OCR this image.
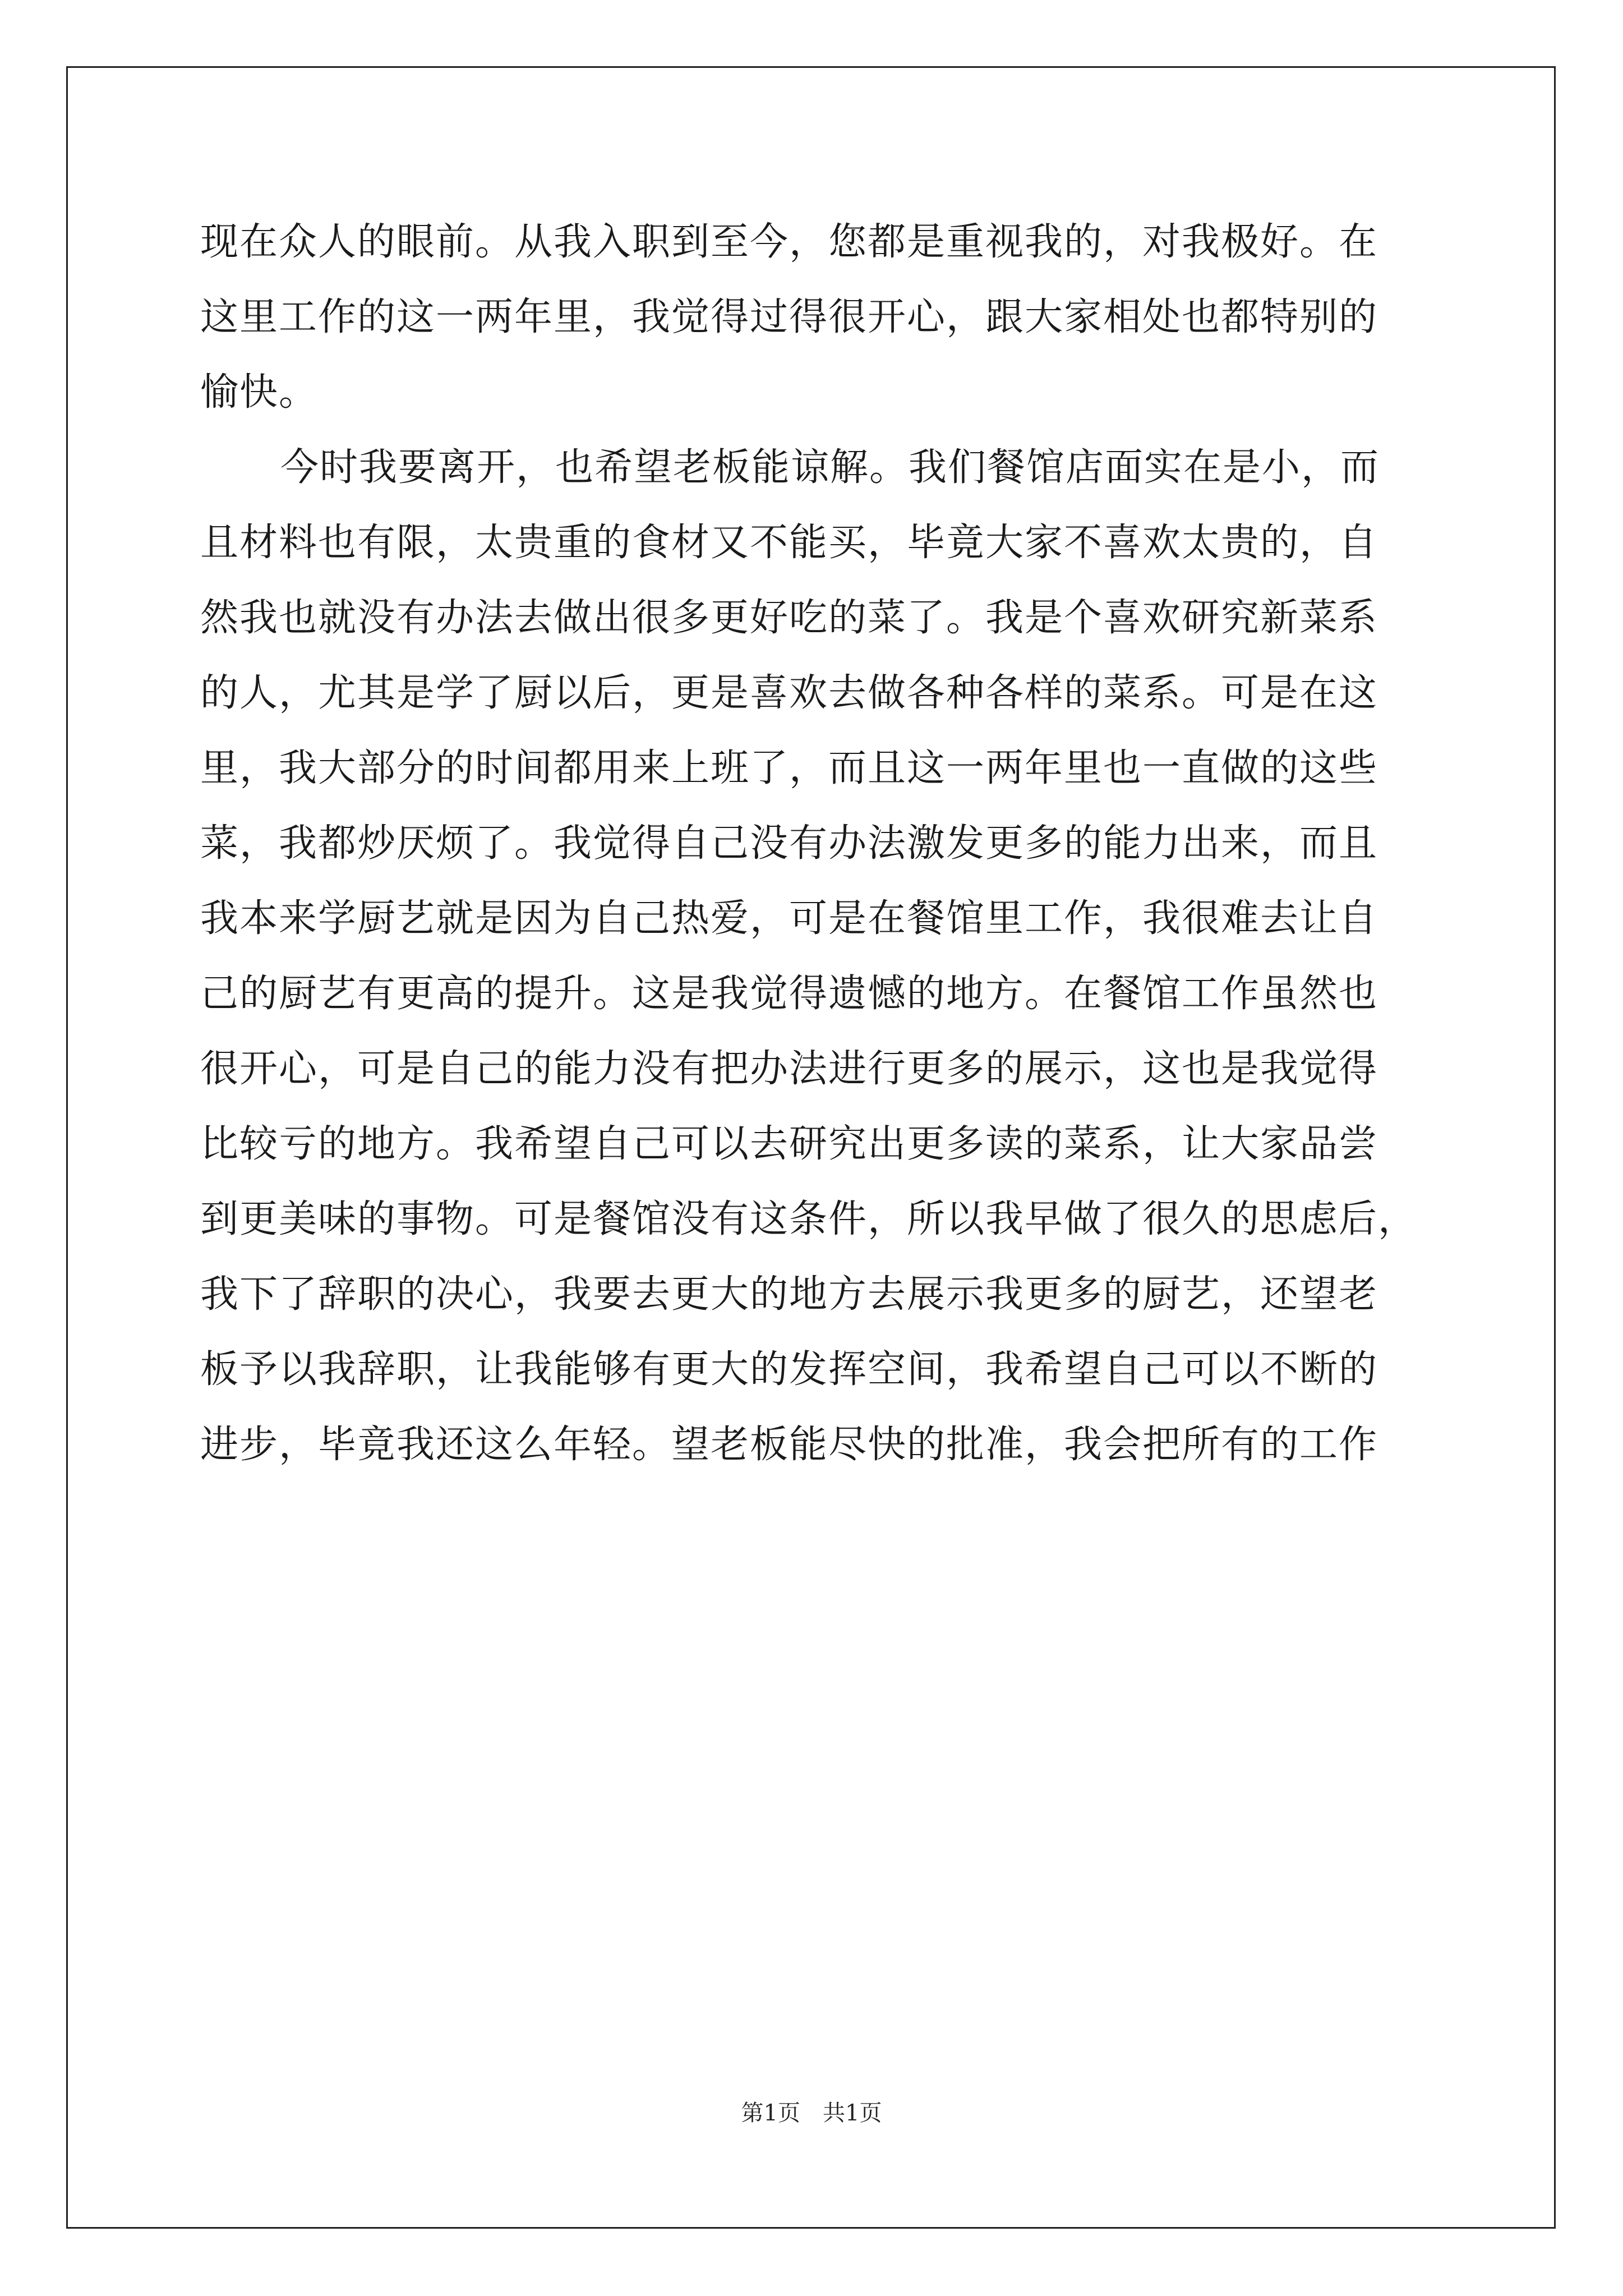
现在众人的眼前。从我入职到至今，您都是重视我的，对我极好。在
这里工作的这一两年里，我觉得过得很开心，跟大家相处也都特别的
愉快。
今时我要离开，也希望老板能谅解。我们餐馆店面实在是小，而
且材料也有限，太贵重的食材又不能买，毕竟大家不喜欢太贵的，自
然我也就没有办法去做出很多更好吃的菜了。我是个喜欢研究新菜系
的人，尤其是学了厨以后，更是喜欢去做各种各样的菜系。可是在这
里，我大部分的时间都用来上班了，而且这一两年里也一直做的这些
菜，我都炒厌烦了。我觉得自己没有办法激发更多的能力出来，而且
我本来学厨艺就是因为自己热爱，可是在餐馆里工作，我很难去让自
己的厨艺有更高的提升。这是我觉得遗憾的地方。在餐馆工作虽然也
很开心，可是自己的能力没有把办法进行更多的展示，这也是我觉得
比较亏的地方。我希望自己可以去研究出更多读的菜系，让大家品尝
到更美味的事物。可是餐馆没有这条件，所以我早做了很久的思虑后，
我下了辞职的决心，我要去更大的地方去展示我更多的厨艺，还望老
板予以我辞职，让我能够有更大的发挥空间，我希望自己可以不断的
进步，毕竟我还这么年轻。望老板能尽快的批准，我会把所有的工作
第1页 共1页
